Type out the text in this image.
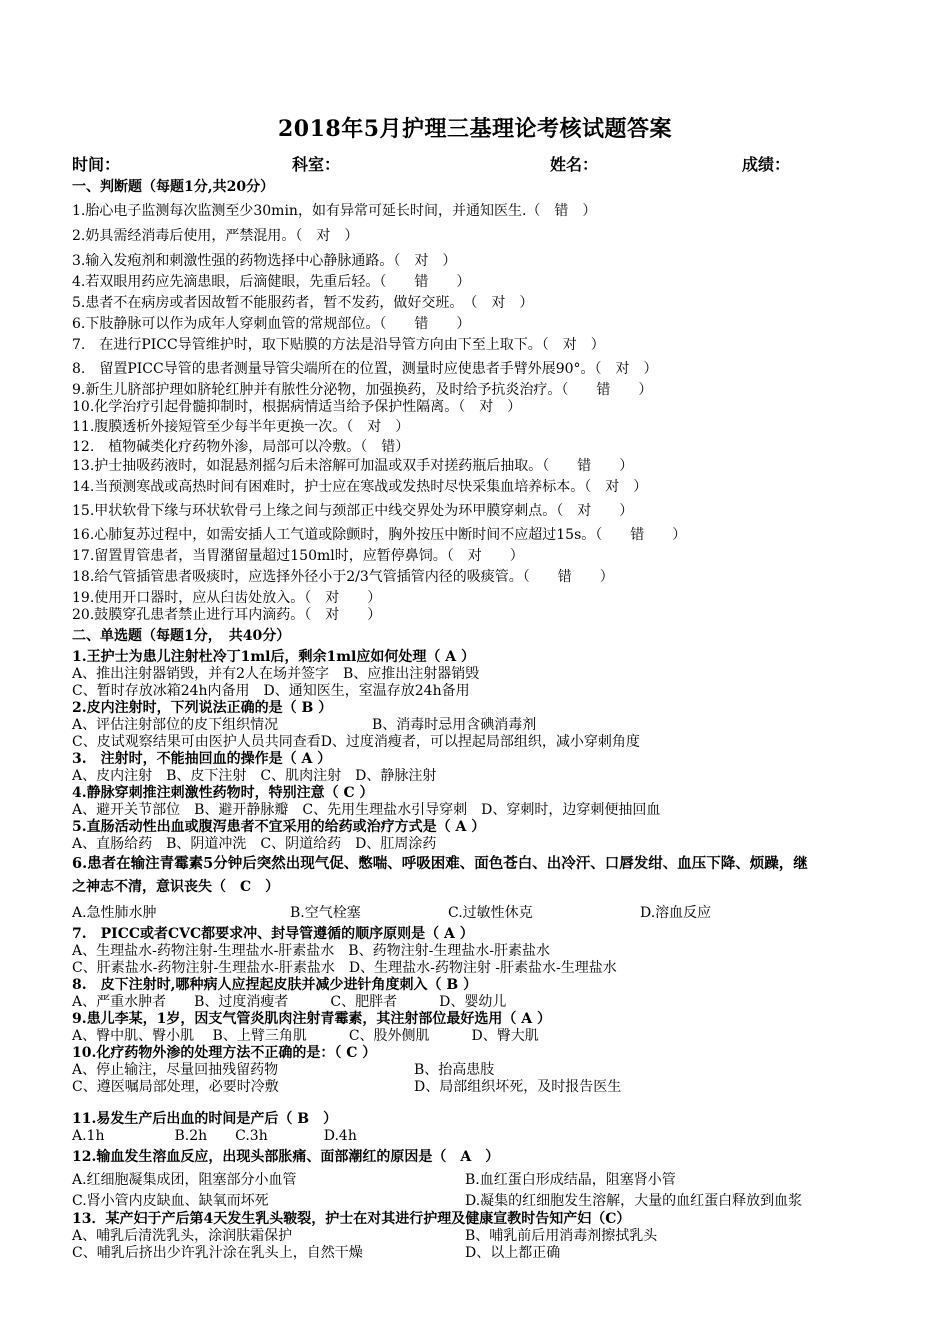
2018年5月护理三基理论考核试题答案
时间：	科室：	姓名：	成绩：
一、判断题（每题1分,共20分）
1.胎心电子监测每次监测至少30min，如有异常可延长时间，并通知医生.（　错　）
2.奶具需经消毒后使用，严禁混用。（　对　）
3.输入发疱剂和刺激性强的药物选择中心静脉通路。（　对　）
4.若双眼用药应先滴患眼，后滴健眼，先重后轻。（　　错　　）
5.患者不在病房或者因故暂不能服药者，暂不发药，做好交班。　（　对　）
6.下肢静脉可以作为成年人穿刺血管的常规部位。（　　错　　）
7.　在进行PICC导管维护时，取下贴膜的方法是沿导管方向由下至上取下。（　对　）
8.　留置PICC导管的患者测量导管尖端所在的位置，测量时应使患者手臂外展90°。（　对　）
9.新生儿脐部护理如脐轮红肿并有脓性分泌物，加强换药，及时给予抗炎治疗。（　　错　　）
10.化学治疗引起骨髓抑制时，根据病情适当给予保护性隔离。（　对　）
11.腹膜透析外接短管至少每半年更换一次。（　对　）
12.　植物碱类化疗药物外渗，局部可以冷敷。（　错）
13.护士抽吸药液时，如混悬剂摇匀后未溶解可加温或双手对搓药瓶后抽取。（　　错　　）
14.当预测寒战或高热时间有困难时，护士应在寒战或发热时尽快采集血培养标本。（　对　）
15.甲状软骨下缘与环状软骨弓上缘之间与颈部正中线交界处为环甲膜穿刺点。（　对　　）
16.心肺复苏过程中，如需安插人工气道或除颤时，胸外按压中断时间不应超过15s。（　　错　　）
17.留置胃管患者，当胃潴留量超过150ml时，应暂停鼻饲。（　对　　）
18.给气管插管患者吸痰时，应选择外径小于2/3气管插管内径的吸痰管。（　　错　　）
19.使用开口器时，应从臼齿处放入。（　对　　）
20.鼓膜穿孔患者禁止进行耳内滴药。（　对　　）
二、单选题（每题1分，　共40分）
1.王护士为患儿注射杜冷丁1ml后，剩余1ml应如何处理（ A ）
A、推出注射器销毁，并有2人在场并签字　B、应推出注射器销毁
C、暂时存放冰箱24h内备用　D、通知医生，室温存放24h备用
2.皮内注射时，下列说法正确的是（ B ）
A、评估注射部位的皮下组织情况	B、消毒时忌用含碘消毒剂
C、皮试观察结果可由医护人员共同查看D、过度消瘦者，可以捏起局部组织，减小穿刺角度
3.　注射时，不能抽回血的操作是（ A ）
A、皮内注射　B、皮下注射　C、肌肉注射　D、静脉注射
4.静脉穿刺推注刺激性药物时，特别注意（ C ）
A、避开关节部位　B、避开静脉瓣　C、先用生理盐水引导穿刺　D、穿刺时，边穿刺便抽回血
5.直肠活动性出血或腹泻患者不宜采用的给药或治疗方式是（ A ）
A、直肠给药　B、阴道冲洗　C、阴道给药　D、肛周涂药
6.患者在输注青霉素5分钟后突然出现气促、憋喘、呼吸困难、面色苍白、出冷汗、口唇发绀、血压下降、烦躁，继
之神志不清，意识丧失（　C　）
A.急性肺水肿	B.空气栓塞	C.过敏性休克	D.溶血反应
7.　PICC或者CVC都要求冲、封导管遵循的顺序原则是（ A ）
A、生理盐水-药物注射-生理盐水-肝素盐水　B、药物注射-生理盐水-肝素盐水
C、肝素盐水-药物注射-生理盐水-肝素盐水　D、生理盐水-药物注射 -肝素盐水-生理盐水
8.　皮下注射时,哪种病人应捏起皮肤并减少进针角度刺入（ B ）
A、严重水肿者　　B、过度消瘦者　　　C、肥胖者　　　D、婴幼儿
9.患儿李某，1岁，因支气管炎肌肉注射青霉素，其注射部位最好选用（ A ）
A、臀中肌、臀小肌　 B、上臂三角肌　　　C、股外侧肌　　　D、臀大肌
10.化疗药物外渗的处理方法不正确的是：（ C ）
A、停止输注，尽量回抽残留药物	B、抬高患肢
C、遵医嘱局部处理，必要时冷敷	D、局部组织坏死，及时报告医生
11.易发生产后出血的时间是产后（ B　）
A.1h　　　　　B.2h　　C.3h　　　　D.4h
12.输血发生溶血反应，出现头部胀痛、面部潮红的原因是（　A　）
A.红细胞凝集成团，阻塞部分小血管	B.血红蛋白形成结晶，阻塞肾小管
C.肾小管内皮缺血、缺氧而坏死	D.凝集的红细胞发生溶解，大量的血红蛋白释放到血浆
13．某产妇于产后第4天发生乳头皲裂，护士在对其进行护理及健康宣教时告知产妇（C）
A、哺乳后清洗乳头，涂润肤霜保护	B、哺乳前后用消毒剂擦拭乳头
C、哺乳后挤出少许乳汁涂在乳头上，自然干燥	D、以上都正确
